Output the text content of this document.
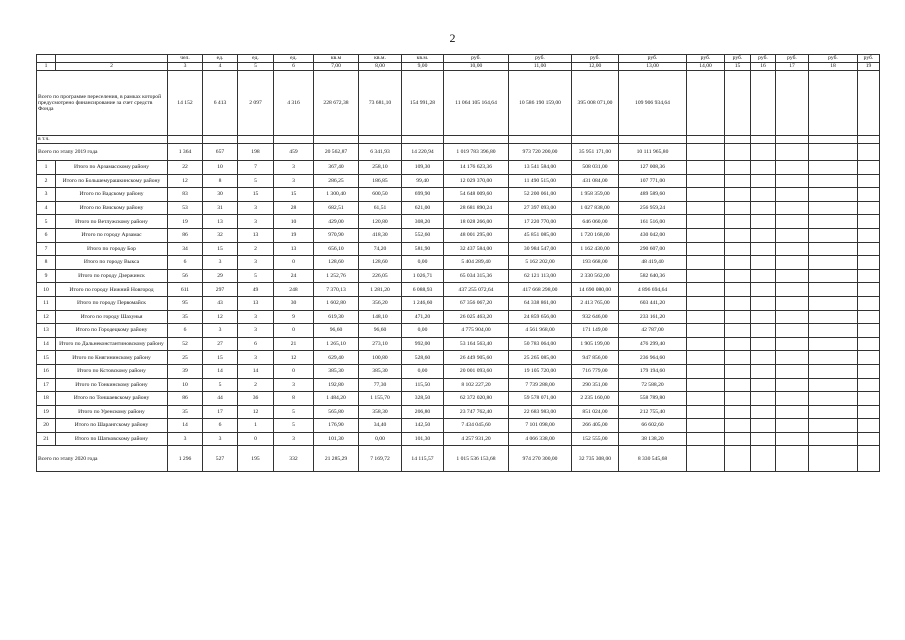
2
		чел.	ед.	ед.	ед.	кв.м	кв.м.	кв.м.	руб.	руб.	руб.	руб.	руб.	руб.	руб.	руб.	руб.	руб.
1	2	3	4	5	6	7,00	8,00	9,00	10,00	11,00	12,00	13,00	14,00	15	16	17	18	19
Всего по программе переселения, в рамках которой предусмотрено финансирование за счет средств Фонда		14 152	6 413	2 097	4 316	228 672,38	73 681,10	154 991,28	11 064 105 164,64	10 586 190 159,00	395 008 071,00	109 906 934,64						
в т.ч.																		
Всего по этапу 2019 года		1 364	657	198	459	20 562,87	6 341,93	14 220,94	1 019 783 396,80	973 720 200,00	35 951 171,00	10 111 965,80						
1	Итого по Арзамасскому району	22	10	7	3	367,40	258,10	109,30	14 176 623,36	13 541 584,00	508 031,00	127 008,36						
2	Итого по Большемурашкинскому району	12	8	5	3	286,25	186,85	99,40	12 029 370,00	11 490 515,00	431 084,00	107 771,00						
3	Итого по Вадскому району	83	30	15	15	1 300,40	600,50	699,90	54 648 009,60	52 200 061,00	1 958 359,00	489 589,60						
4	Итого по Вачскому району	53	31	3	28	682,51	61,51	621,00	28 681 890,24	27 397 093,00	1 027 838,00	256 959,24						
5	Итого по Ветлужскому району	19	13	3	10	429,00	120,80	308,20	18 028 266,00	17 220 770,00	646 060,00	161 516,00						
6	Итого по городу Арзамас	86	32	13	19	970,90	418,30	552,60	48 001 295,00	45 851 085,00	1 720 168,00	430 042,00						
7	Итого по городу Бор	34	15	2	13	656,10	74,20	581,90	32 437 584,00	30 984 547,00	1 162 430,00	290 607,00						
8	Итого по городу Выкса	6	3	3	0	128,60	128,60	0,00	5 404 289,40	5 162 202,00	193 668,00	48 419,40						
9	Итого по городу Дзержинск	56	29	5	24	1 252,76	226,05	1 026,71	65 034 315,36	62 121 113,00	2 330 562,00	582 640,36						
10	Итого по городу Нижний Новгород	611	297	49	248	7 370,13	1 281,20	6 088,93	437 255 072,64	417 668 298,00	14 690 080,00	4 896 694,64						
11	Итого по городу Первомайск	95	43	13	30	1 602,80	356,20	1 246,60	67 356 067,20	64 338 861,00	2 413 765,00	603 441,20						
12	Итого по городу Шахунья	35	12	3	9	619,30	148,10	471,20	26 025 463,20	24 859 656,00	932 646,00	233 161,20						
13	Итого по Городецкому району	6	3	3	0	96,60	96,60	0,00	4 775 904,00	4 561 968,00	171 149,00	42 787,00						
14	Итого по Дальнеконстантиновскому району	52	27	6	21	1 265,10	273,10	992,00	53 164 563,40	50 783 064,00	1 905 199,00	476 299,40						
15	Итого по Княгининскому району	25	15	3	12	629,40	100,80	528,60	26 449 905,60	25 265 085,00	947 856,00	236 964,60						
16	Итого по Кстовскому району	39	14	14	0	385,30	385,30	0,00	20 001 093,60	19 105 720,00	716 779,00	179 194,60						
17	Итого по Тонкинскому району	10	5	2	3	192,80	77,30	115,50	8 102 227,20	7 739 288,00	290 351,00	72 588,20						
18	Итого по Тоншаевскому району	86	44	36	8	1 484,20	1 155,70	328,50	62 372 020,80	59 578 071,00	2 235 160,00	558 789,80						
19	Итого по Уренскому району	35	17	12	5	565,80	358,30	206,80	23 747 762,40	22 683 983,00	851 024,00	212 755,40						
20	Итого по Шарангскому району	14	6	1	5	176,90	34,40	142,50	7 434 045,60	7 101 098,00	266 405,00	66 602,60						
21	Итого по Шатковскому району	3	3	0	3	101,30	0,00	101,30	4 257 931,20	4 066 338,00	152 555,00	38 138,20						
Всего по этапу 2020 года		1 296	527	195	332	21 285,29	7 169,72	14 115,57	1 015 536 153,68	974 270 300,00	32 735 308,00	8 330 545,68						
